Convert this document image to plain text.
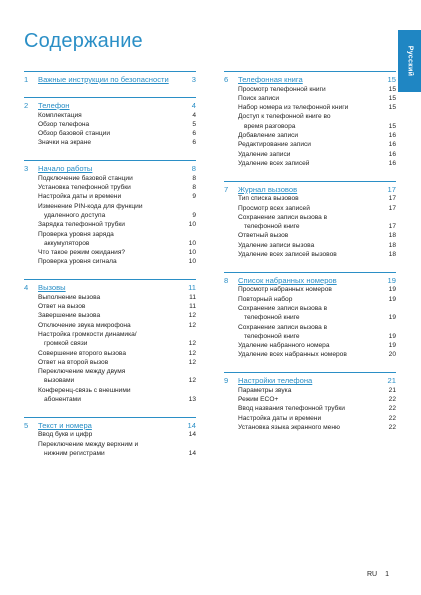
Содержание
Русский
1	Важные инструкции по безопасности	3
2	Телефон	4
Комплектация	4
Обзор телефона	5
Обзор базовой станции	6
Значки на экране	6
3	Начало работы	8
Подключение базовой станции	8
Установка телефонной трубки	8
Настройка даты и времени	9
Изменение PIN-кода для функции
удаленного доступа	9
Зарядка телефонной трубки	10
Проверка уровня заряда
аккумуляторов	10
Что такое режим ожидания?	10
Проверка уровня сигнала	10
4	Вызовы	11
Выполнение вызова	11
Ответ на вызов	11
Завершение вызова	12
Отключение звука микрофона	12
Настройка громкости динамика/
громкой связи	12
Совершение второго вызова	12
Ответ на второй вызов	12
Переключение между двумя
вызовами	12
Конференц-связь с внешними
абонентами	13
5	Текст и номера	14
Ввод букв и цифр	14
Переключение между верхним и
нижним регистрами	14
6	Телефонная книга	15
Просмотр телефонной книги	15
Поиск записи	15
Набор номера из телефонной книги	15
Доступ к телефонной книге во
время разговора	15
Добавление записи	16
Редактирование записи	16
Удаление записи	16
Удаление всех записей	16
7	Журнал вызовов	17
Тип списка вызовов	17
Просмотр всех записей	17
Сохранение записи вызова в
телефонной книге	17
Ответный вызов	18
Удаление записи вызова	18
Удаление всех записей вызовов	18
8	Список набранных номеров	19
Просмотр набранных номеров	19
Повторный набор	19
Сохранение записи вызова в
телефонной книге	19
Сохранение записи вызова в
телефонной книге	19
Удаление набранного номера	19
Удаление всех набранных номеров	20
9	Настройки телефона	21
Параметры звука	21
Режим ECO+	22
Ввод названия телефонной трубки	22
Настройка даты и времени	22
Установка языка экранного меню	22
RU 1
